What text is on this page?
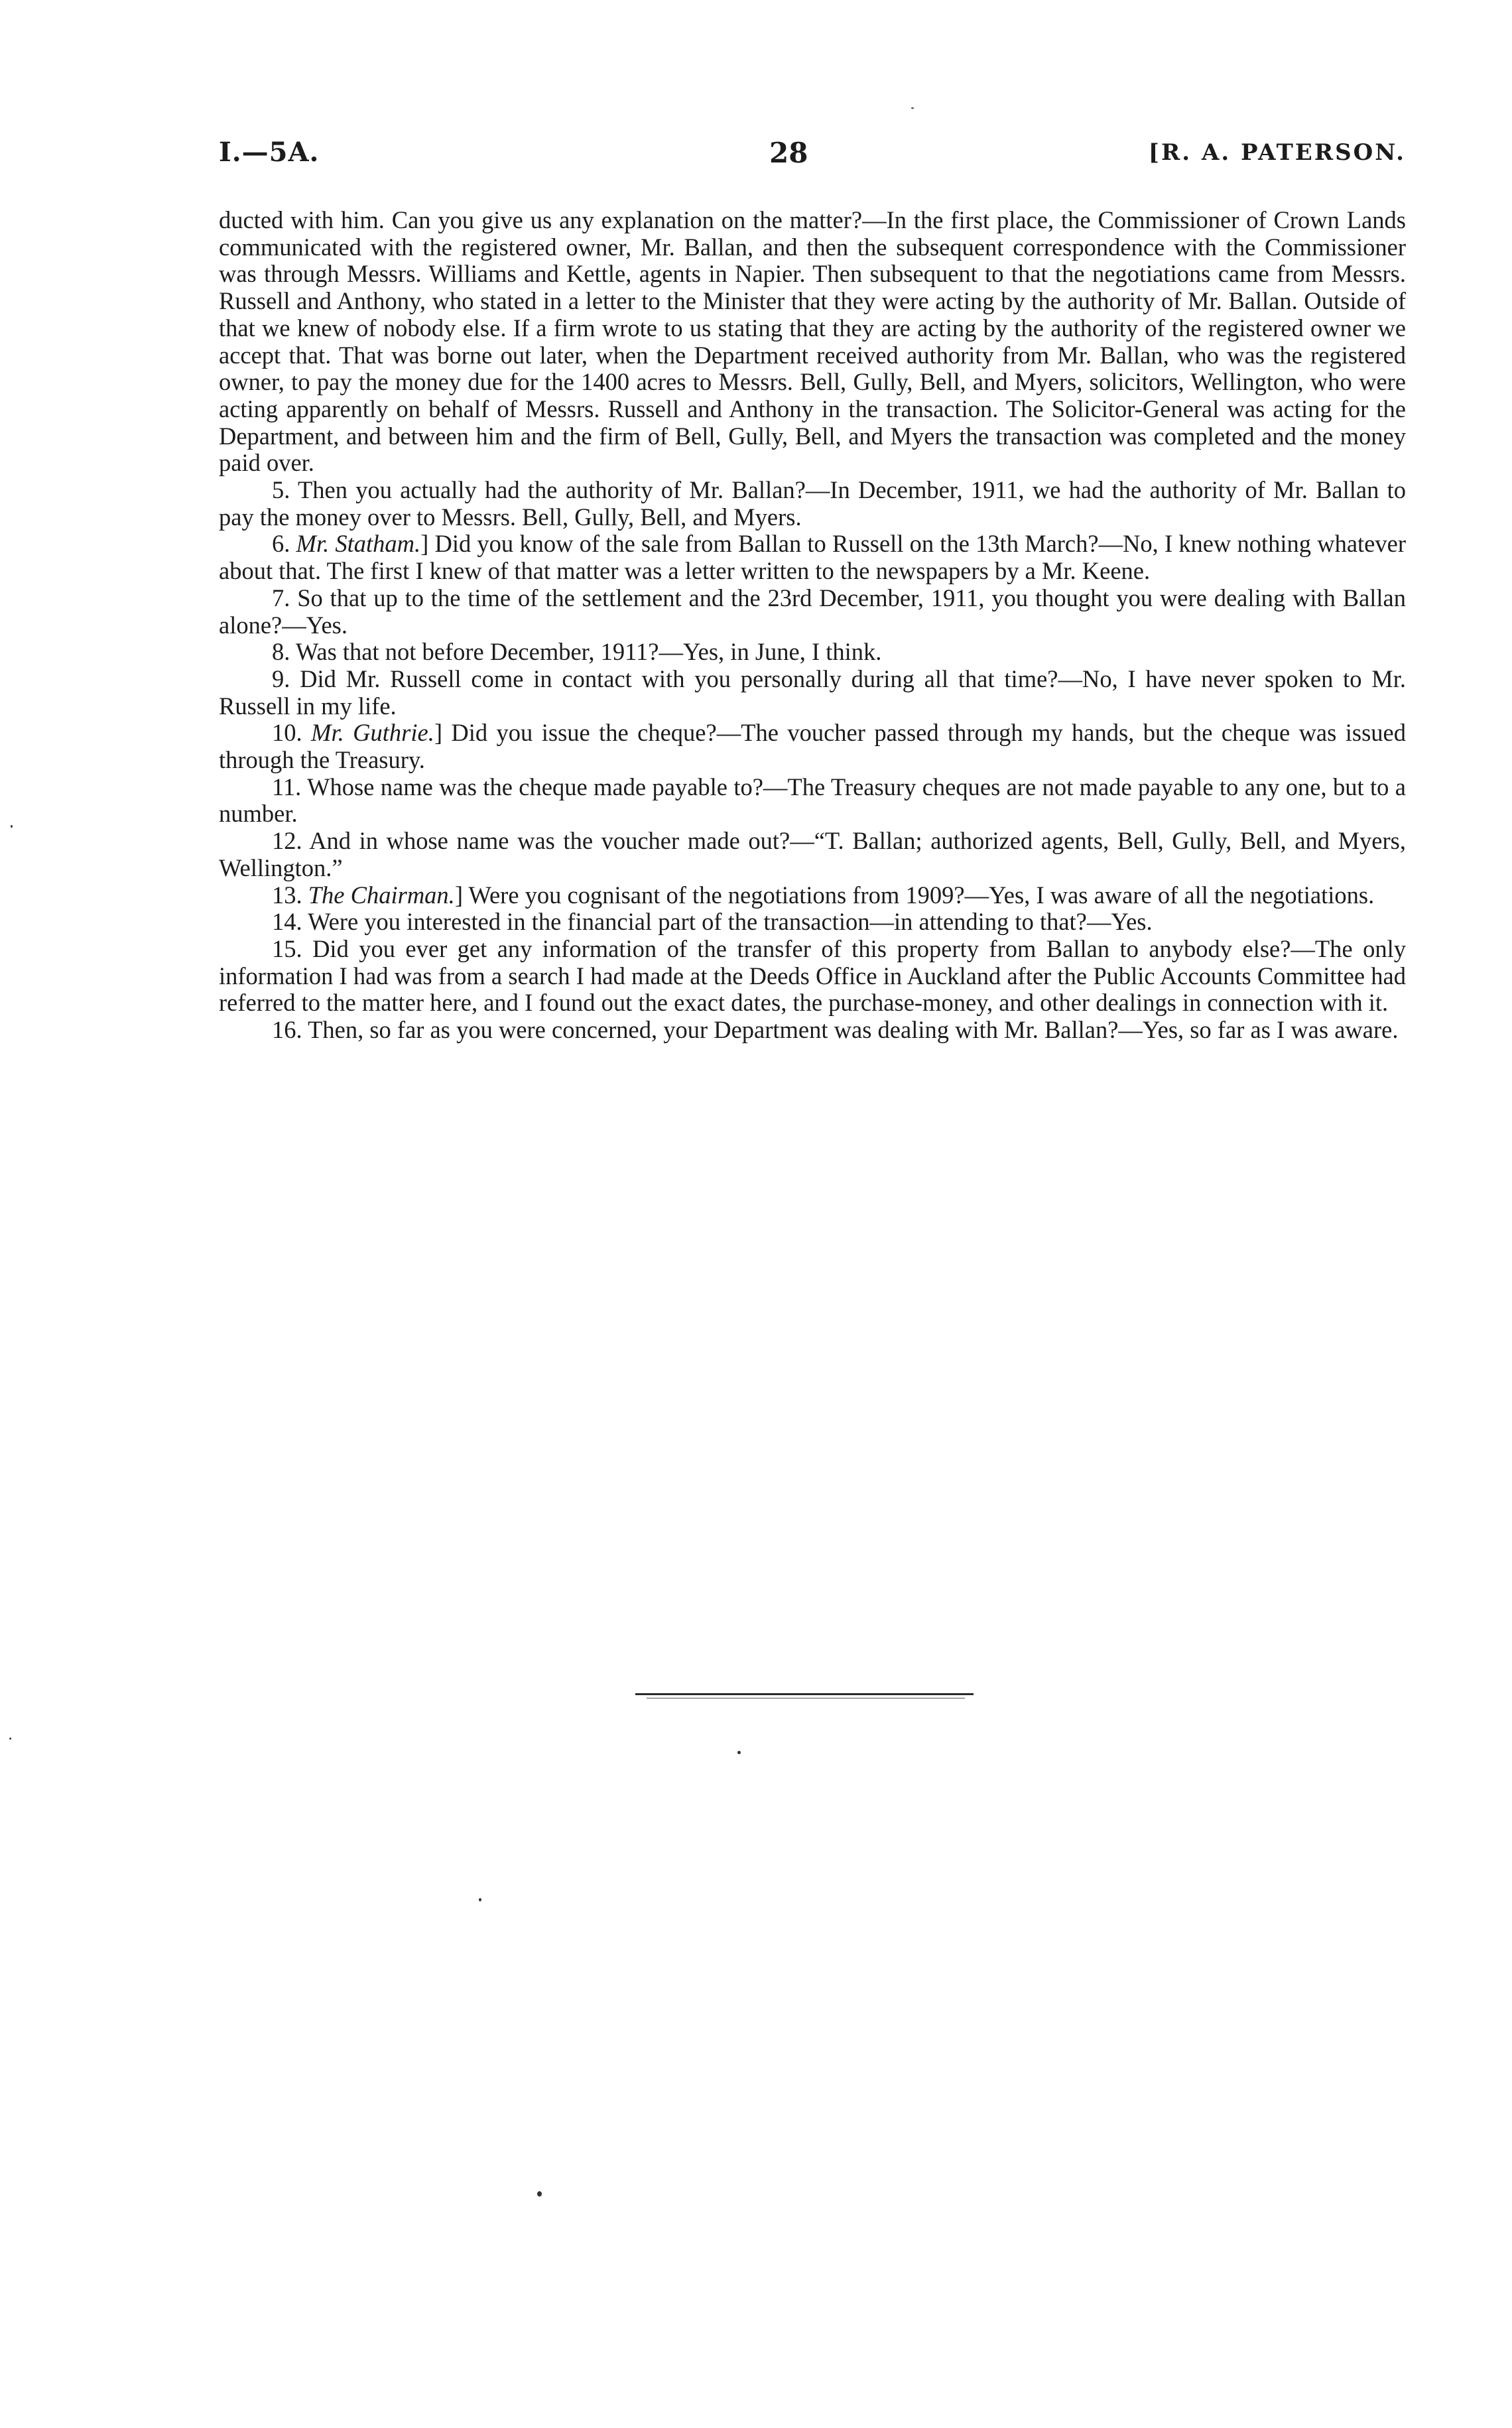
I.—5A.	28	[R. A. PATERSON.

ducted with him. Can you give us any explanation on the matter?—In the first place, the Commissioner of Crown Lands communicated with the registered owner, Mr. Ballan, and then the subsequent correspondence with the Commissioner was through Messrs. Williams and Kettle, agents in Napier. Then subsequent to that the negotiations came from Messrs. Russell and Anthony, who stated in a letter to the Minister that they were acting by the authority of Mr. Ballan. Outside of that we knew of nobody else. If a firm wrote to us stating that they are acting by the authority of the registered owner we accept that. That was borne out later, when the Department received authority from Mr. Ballan, who was the registered owner, to pay the money due for the 1400 acres to Messrs. Bell, Gully, Bell, and Myers, solicitors, Wellington, who were acting apparently on behalf of Messrs. Russell and Anthony in the transaction. The Solicitor-General was acting for the Department, and between him and the firm of Bell, Gully, Bell, and Myers the transaction was completed and the money paid over.

5. Then you actually had the authority of Mr. Ballan?—In December, 1911, we had the authority of Mr. Ballan to pay the money over to Messrs. Bell, Gully, Bell, and Myers.

6. Mr. Statham.] Did you know of the sale from Ballan to Russell on the 13th March?—No, I knew nothing whatever about that. The first I knew of that matter was a letter written to the newspapers by a Mr. Keene.

7. So that up to the time of the settlement and the 23rd December, 1911, you thought you were dealing with Ballan alone?—Yes.

8. Was that not before December, 1911?—Yes, in June, I think.

9. Did Mr. Russell come in contact with you personally during all that time?—No, I have never spoken to Mr. Russell in my life.

10. Mr. Guthrie.] Did you issue the cheque?—The voucher passed through my hands, but the cheque was issued through the Treasury.

11. Whose name was the cheque made payable to?—The Treasury cheques are not made payable to any one, but to a number.

12. And in whose name was the voucher made out?—“T. Ballan; authorized agents, Bell, Gully, Bell, and Myers, Wellington.”

13. The Chairman.] Were you cognisant of the negotiations from 1909?—Yes, I was aware of all the negotiations.

14. Were you interested in the financial part of the transaction—in attending to that?—Yes.

15. Did you ever get any information of the transfer of this property from Ballan to anybody else?—The only information I had was from a search I had made at the Deeds Office in Auckland after the Public Accounts Committee had referred to the matter here, and I found out the exact dates, the purchase-money, and other dealings in connection with it.

16. Then, so far as you were concerned, your Department was dealing with Mr. Ballan?—Yes, so far as I was aware.
